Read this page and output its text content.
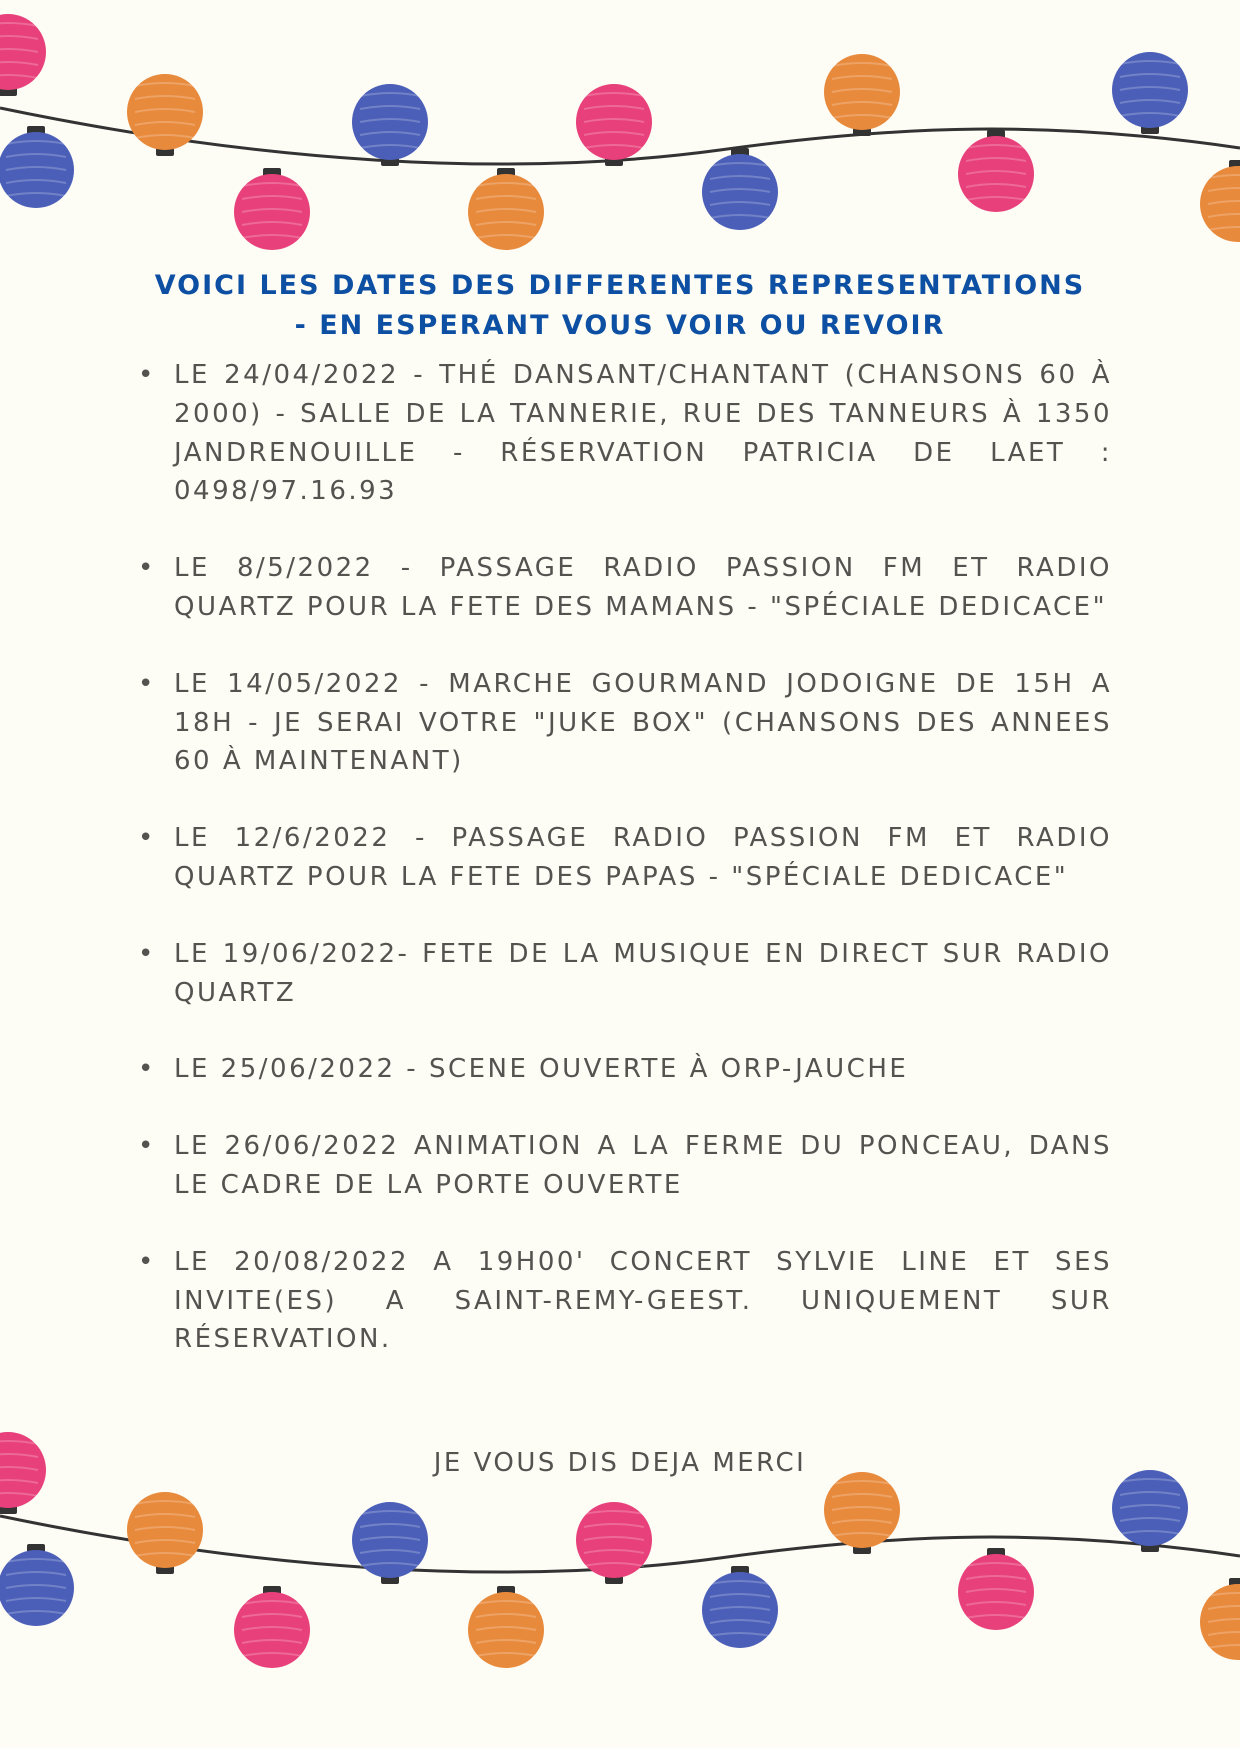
VOICI LES DATES DES DIFFERENTES REPRESENTATIONS
- EN ESPERANT VOUS VOIR OU REVOIR
• LE 24/04/2022 - THÉ DANSANT/CHANTANT (CHANSONS 60 À 2000) - SALLE DE LA TANNERIE, RUE DES TANNEURS À 1350 JANDRENOUILLE - RÉSERVATION PATRICIA DE LAET : 0498/97.16.93
• LE 8/5/2022 - PASSAGE RADIO PASSION FM ET RADIO QUARTZ POUR LA FETE DES MAMANS - "SPÉCIALE DEDICACE"
• LE 14/05/2022 - MARCHE GOURMAND JODOIGNE DE 15H A 18H - JE SERAI VOTRE "JUKE BOX" (CHANSONS DES ANNEES 60 À MAINTENANT)
• LE 12/6/2022 - PASSAGE RADIO PASSION FM ET RADIO QUARTZ POUR LA FETE DES PAPAS - "SPÉCIALE DEDICACE"
• LE 19/06/2022- FETE DE LA MUSIQUE EN DIRECT SUR RADIO QUARTZ
• LE 25/06/2022 - SCENE OUVERTE À ORP-JAUCHE
• LE 26/06/2022 ANIMATION A LA FERME DU PONCEAU, DANS LE CADRE DE LA PORTE OUVERTE
• LE 20/08/2022 A 19H00' CONCERT SYLVIE LINE ET SES INVITE(ES) A SAINT-REMY-GEEST. UNIQUEMENT SUR RÉSERVATION.
JE VOUS DIS DEJA MERCI
